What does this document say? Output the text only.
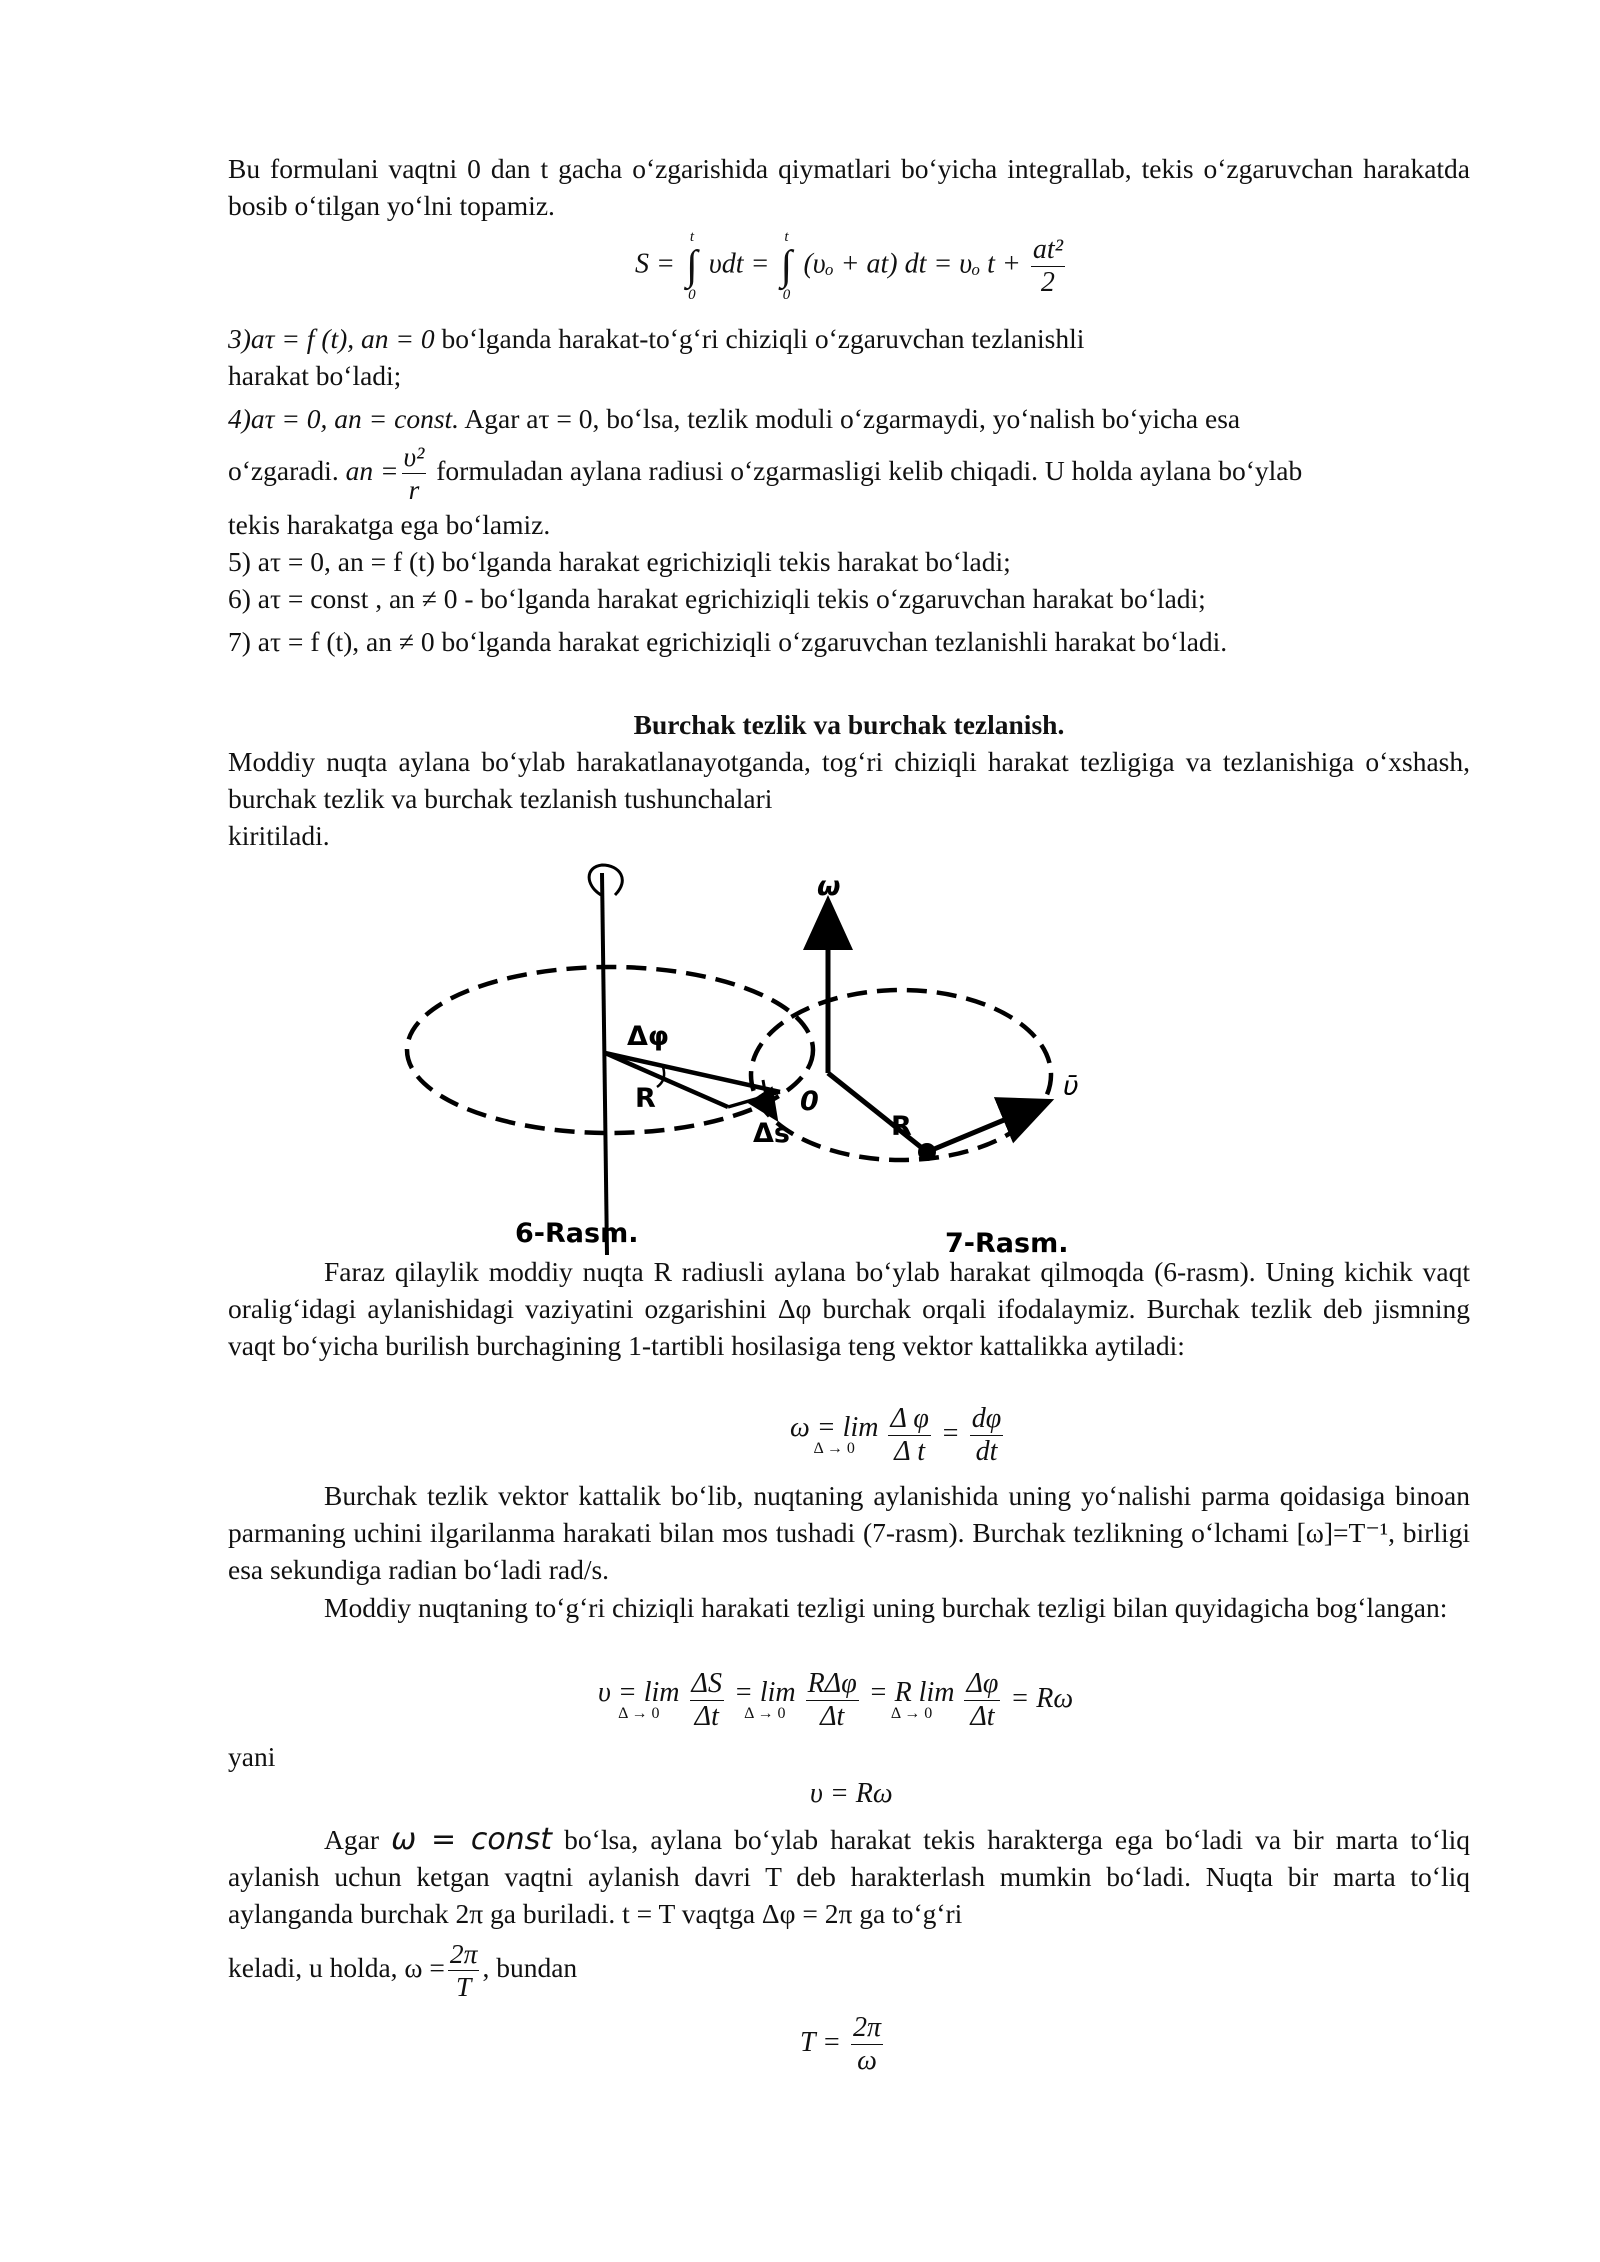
Bu formulani vaqtni 0 dan t gacha oʻzgarishida qiymatlari boʻyicha integrallab, tekis oʻzgaruvchan harakatda bosib oʻtilgan yoʻlni topamiz.

S =
t
∫
0
υdt =
t
∫
0
(υₒ + at) dt = υₒ $t + \frac{\text{at²}}{2}$

3)aτ = f (t), an = 0 boʻlganda harakat-toʻgʻri chiziqli oʻzgaruvchan tezlanishli

harakat boʻladi;

4)aτ = 0, an = const. Agar aτ = 0, boʻlsa, tezlik moduli oʻzgarmaydi, yoʻnalish boʻyicha esa

oʻzgaradi. an = $\frac{\text{υ²}}{r}$ formuladan aylana radiusi oʻzgarmasligi kelib chiqadi. U holda aylana boʻylab

tekis harakatga ega boʻlamiz.

5) aτ = 0, an = f (t) boʻlganda harakat egrichiziqli tekis harakat boʻladi;

6) aτ = const , an ≠ 0 - boʻlganda harakat egrichiziqli tekis oʻzgaruvchan harakat boʻladi;

7) aτ = f (t), an ≠ 0 boʻlganda harakat egrichiziqli oʻzgaruvchan tezlanishli harakat boʻladi.

Burchak tezlik va burchak tezlanish.

Moddiy nuqta aylana boʻylab harakatlanayotganda, togʻri chiziqli harakat tezligiga va tezlanishiga oʻxshash, burchak tezlik va burchak tezlanish tushunchalari

kiritiladi.

Δφ
R
Δs
6-Rasm.
ω
0
R
ῡ
7-Rasm.

Faraz qilaylik moddiy nuqta R radiusli aylana boʻylab harakat qilmoqda (6-rasm). Uning kichik vaqt oraligʻidagi aylanishidagi vaziyatini ozgarishini Δφ burchak orqali ifodalaymiz. Burchak tezlik deb jismning vaqt boʻyicha burilish burchagining 1-tartibli hosilasiga teng vektor kattalikka aytiladi:

ω = lim
Δ → 0
	$\frac{\text{Δ φ}}{\text{Δ t}} = \frac{d\varphi}{dt}$

Burchak tezlik vektor kattalik boʻlib, nuqtaning aylanishida uning yoʻnalishi parma qoidasiga binoan parmaning uchini ilgarilanma harakati bilan mos tushadi (7-rasm). Burchak tezlikning oʻlchami [ω]=T⁻¹, birligi esa sekundiga radian boʻladi rad/s.

Moddiy nuqtaning toʻgʻri chiziqli harakati tezligi uning burchak tezligi bilan quyidagicha bogʻlangan:

υ = lim
Δ → 0
	$\frac{\Delta S}{\Delta t} = \lim$
Δ → 0
$\frac{\text{RΔφ}}{\Delta t} = R$ lim
Δ → 0
	$\frac{\Delta\varphi}{\Delta t} = R\omega$
yani
υ = Rω

Agar ω = const boʻlsa, aylana boʻylab harakat tekis harakterga ega boʻladi va bir marta toʻliq aylanish uchun ketgan vaqtni aylanish davri T deb harakterlash mumkin boʻladi. Nuqta bir marta toʻliq aylanganda burchak 2π ga buriladi. t = T vaqtga Δφ = 2π ga toʻgʻri

keladi, u holda, $\omega = \frac{2\pi}{T}$ , bundan

$T = \frac{2\pi}{\omega}$
